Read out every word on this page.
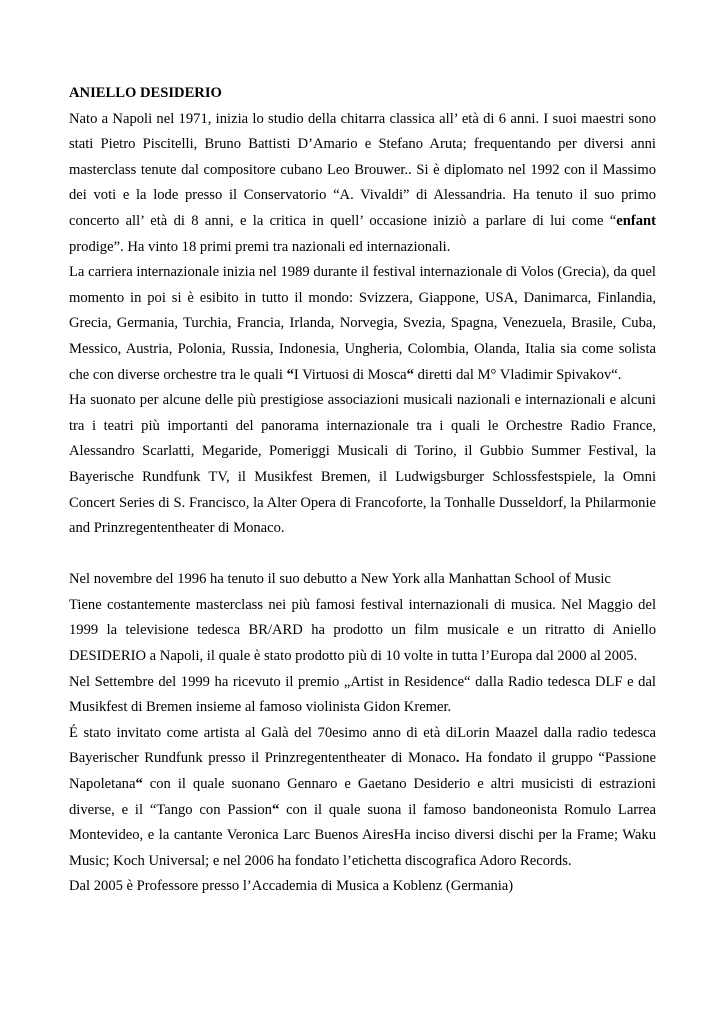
ANIELLO DESIDERIO

Nato a Napoli nel 1971, inizia lo studio della chitarra classica all’ età di 6 anni. I suoi maestri sono stati Pietro Piscitelli, Bruno Battisti D’Amario e Stefano Aruta; frequentando per diversi anni masterclass tenute dal compositore cubano Leo Brouwer.. Si è diplomato nel 1992 con il Massimo dei voti e la lode presso il Conservatorio “A. Vivaldi” di Alessandria. Ha tenuto il suo primo concerto all’ età di 8 anni, e la critica in quell’ occasione iniziò a parlare di lui come “enfant prodige”. Ha vinto 18 primi premi tra nazionali ed internazionali.

La carriera internazionale inizia nel 1989 durante il festival internazionale di Volos (Grecia), da quel momento in poi si è esibito in tutto il mondo: Svizzera, Giappone, USA, Danimarca, Finlandia, Grecia, Germania, Turchia, Francia, Irlanda, Norvegia, Svezia, Spagna, Venezuela, Brasile, Cuba, Messico, Austria, Polonia, Russia, Indonesia, Ungheria, Colombia, Olanda, Italia sia come solista che con diverse orchestre tra le quali “I Virtuosi di Mosca“ diretti dal M° Vladimir Spivakov“.

Ha suonato per alcune delle più prestigiose associazioni musicali nazionali e internazionali e alcuni tra i teatri più importanti del panorama internazionale tra i quali le Orchestre Radio France, Alessandro Scarlatti, Megaride, Pomeriggi Musicali di Torino, il Gubbio Summer Festival, la Bayerische Rundfunk TV, il Musikfest Bremen, il Ludwigsburger Schlossfestspiele, la Omni Concert Series di S. Francisco, la Alter Opera di Francoforte, la Tonhalle Dusseldorf, la Philarmonie and Prinzregententheater di Monaco.

Nel novembre del 1996 ha tenuto il suo debutto a New York alla Manhattan School of Music

Tiene costantemente masterclass nei più famosi festival internazionali di musica. Nel Maggio del 1999 la televisione tedesca BR/ARD ha prodotto un film musicale e un ritratto di Aniello DESIDERIO a Napoli, il quale è stato prodotto più di 10 volte in tutta l’Europa dal 2000 al 2005.

Nel Settembre del 1999 ha ricevuto il premio „Artist in Residence“ dalla Radio tedesca DLF e dal Musikfest di Bremen insieme al famoso violinista Gidon Kremer.

É stato invitato come artista al Galà del 70esimo anno di età diLorin Maazel dalla radio tedesca Bayerischer Rundfunk presso il Prinzregententheater di Monaco. Ha fondato il gruppo “Passione Napoletana“ con il quale suonano Gennaro e Gaetano Desiderio e altri musicisti di estrazioni diverse, e il “Tango con Passion“ con il quale suona il famoso bandoneonista Romulo Larrea Montevideo, e la cantante Veronica Larc Buenos AiresHa inciso diversi dischi per la Frame; Waku Music; Koch Universal; e nel 2006 ha fondato l’etichetta discografica Adoro Records.

Dal 2005 è Professore presso l’Accademia di Musica a Koblenz (Germania)
